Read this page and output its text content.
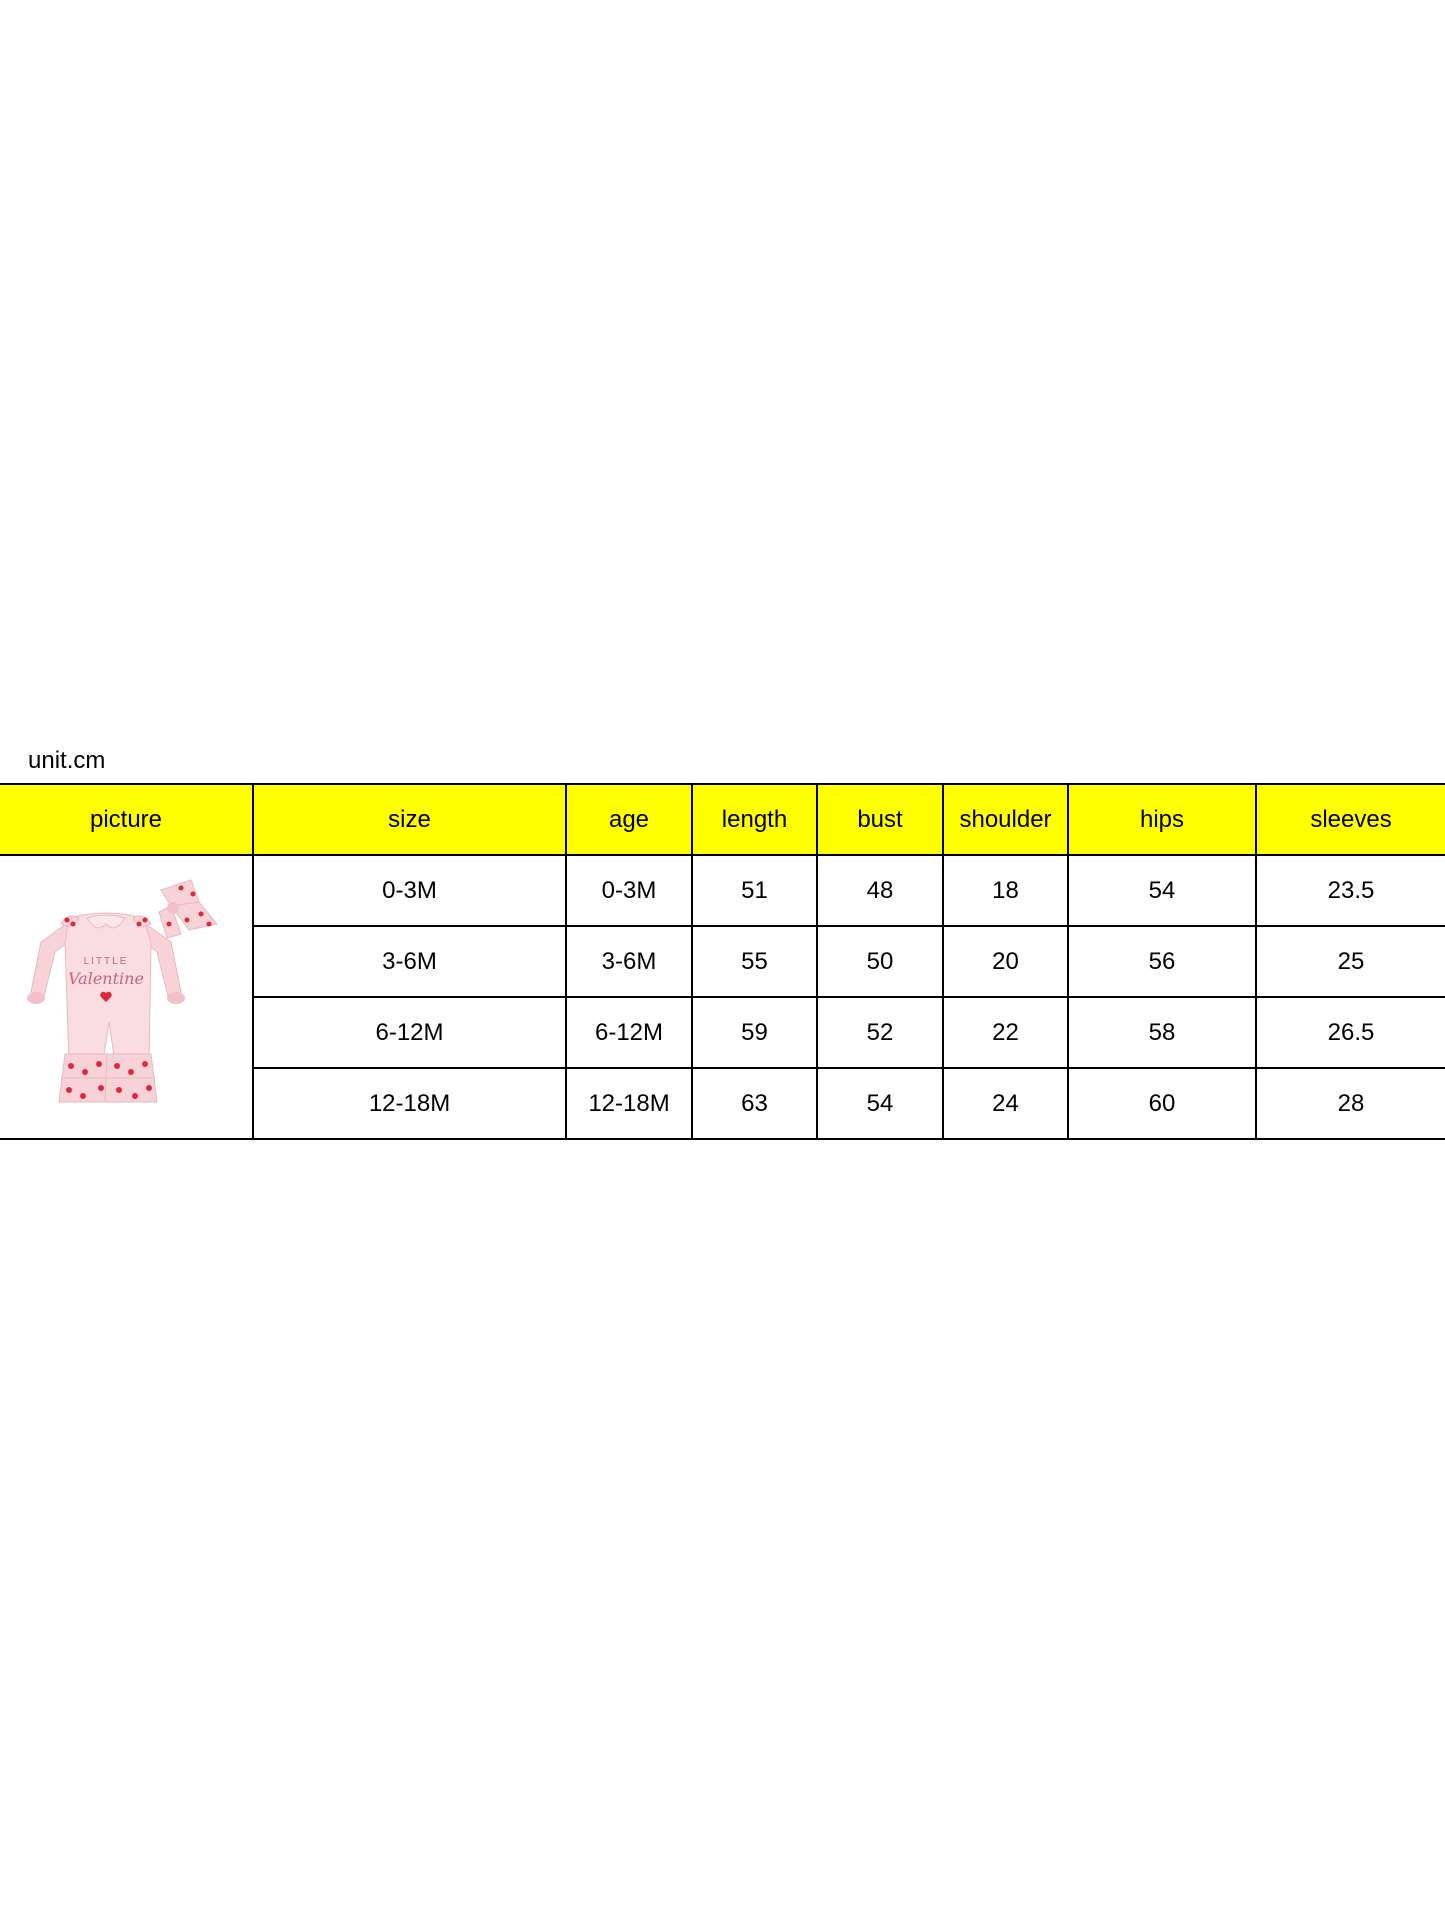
unit.cm
picture	size	age	length	bust	shoulder	hips	sleeves

LITTLE
Valentine	0-3M	0-3M	51	48	18	54	23.5
	3-6M	3-6M	55	50	20	56	25
	6-12M	6-12M	59	52	22	58	26.5
	12-18M	12-18M	63	54	24	60	28
